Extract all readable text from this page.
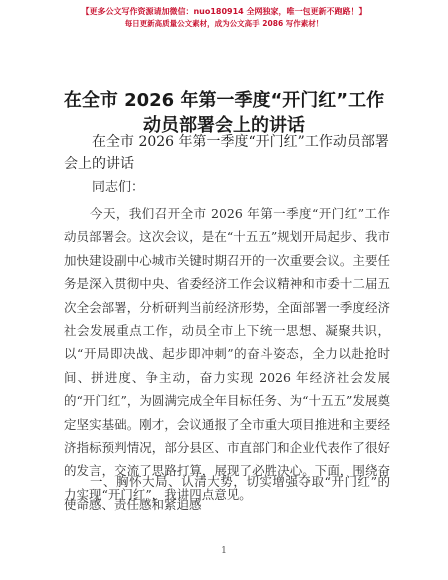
【更多公文写作资源请加微信：nuo180914 全网独家，唯一包更新不跑路！】
每日更新高质量公文素材，成为公文高手 2086 写作素材！
在全市 2026 年第一季度“开门红”工作动员部署会上的讲话
在全市 2026 年第一季度“开门红”工作动员部署会上的讲话
同志们：
今天，我们召开全市 2026 年第一季度“开门红”工作动员部署会。这次会议，是在“十五五”规划开局起步、我市加快建设副中心城市关键时期召开的一次重要会议。主要任务是深入贯彻中央、省委经济工作会议精神和市委十二届五次全会部署，分析研判当前经济形势，全面部署一季度经济社会发展重点工作，动员全市上下统一思想、凝聚共识，以“开局即决战、起步即冲刺”的奋斗姿态，全力以赴抢时间、拼进度、争主动，奋力实现 2026 年经济社会发展的“开门红”，为圆满完成全年目标任务、为“十五五”发展奠定坚实基础。刚才，会议通报了全市重大项目推进和主要经济指标预判情况，部分县区、市直部门和企业代表作了很好的发言，交流了思路打算，展现了必胜决心。下面，围绕奋力实现“开门红”，我讲四点意见。
一、胸怀大局、认清大势，切实增强夺取“开门红”的使命感、责任感和紧迫感
1
